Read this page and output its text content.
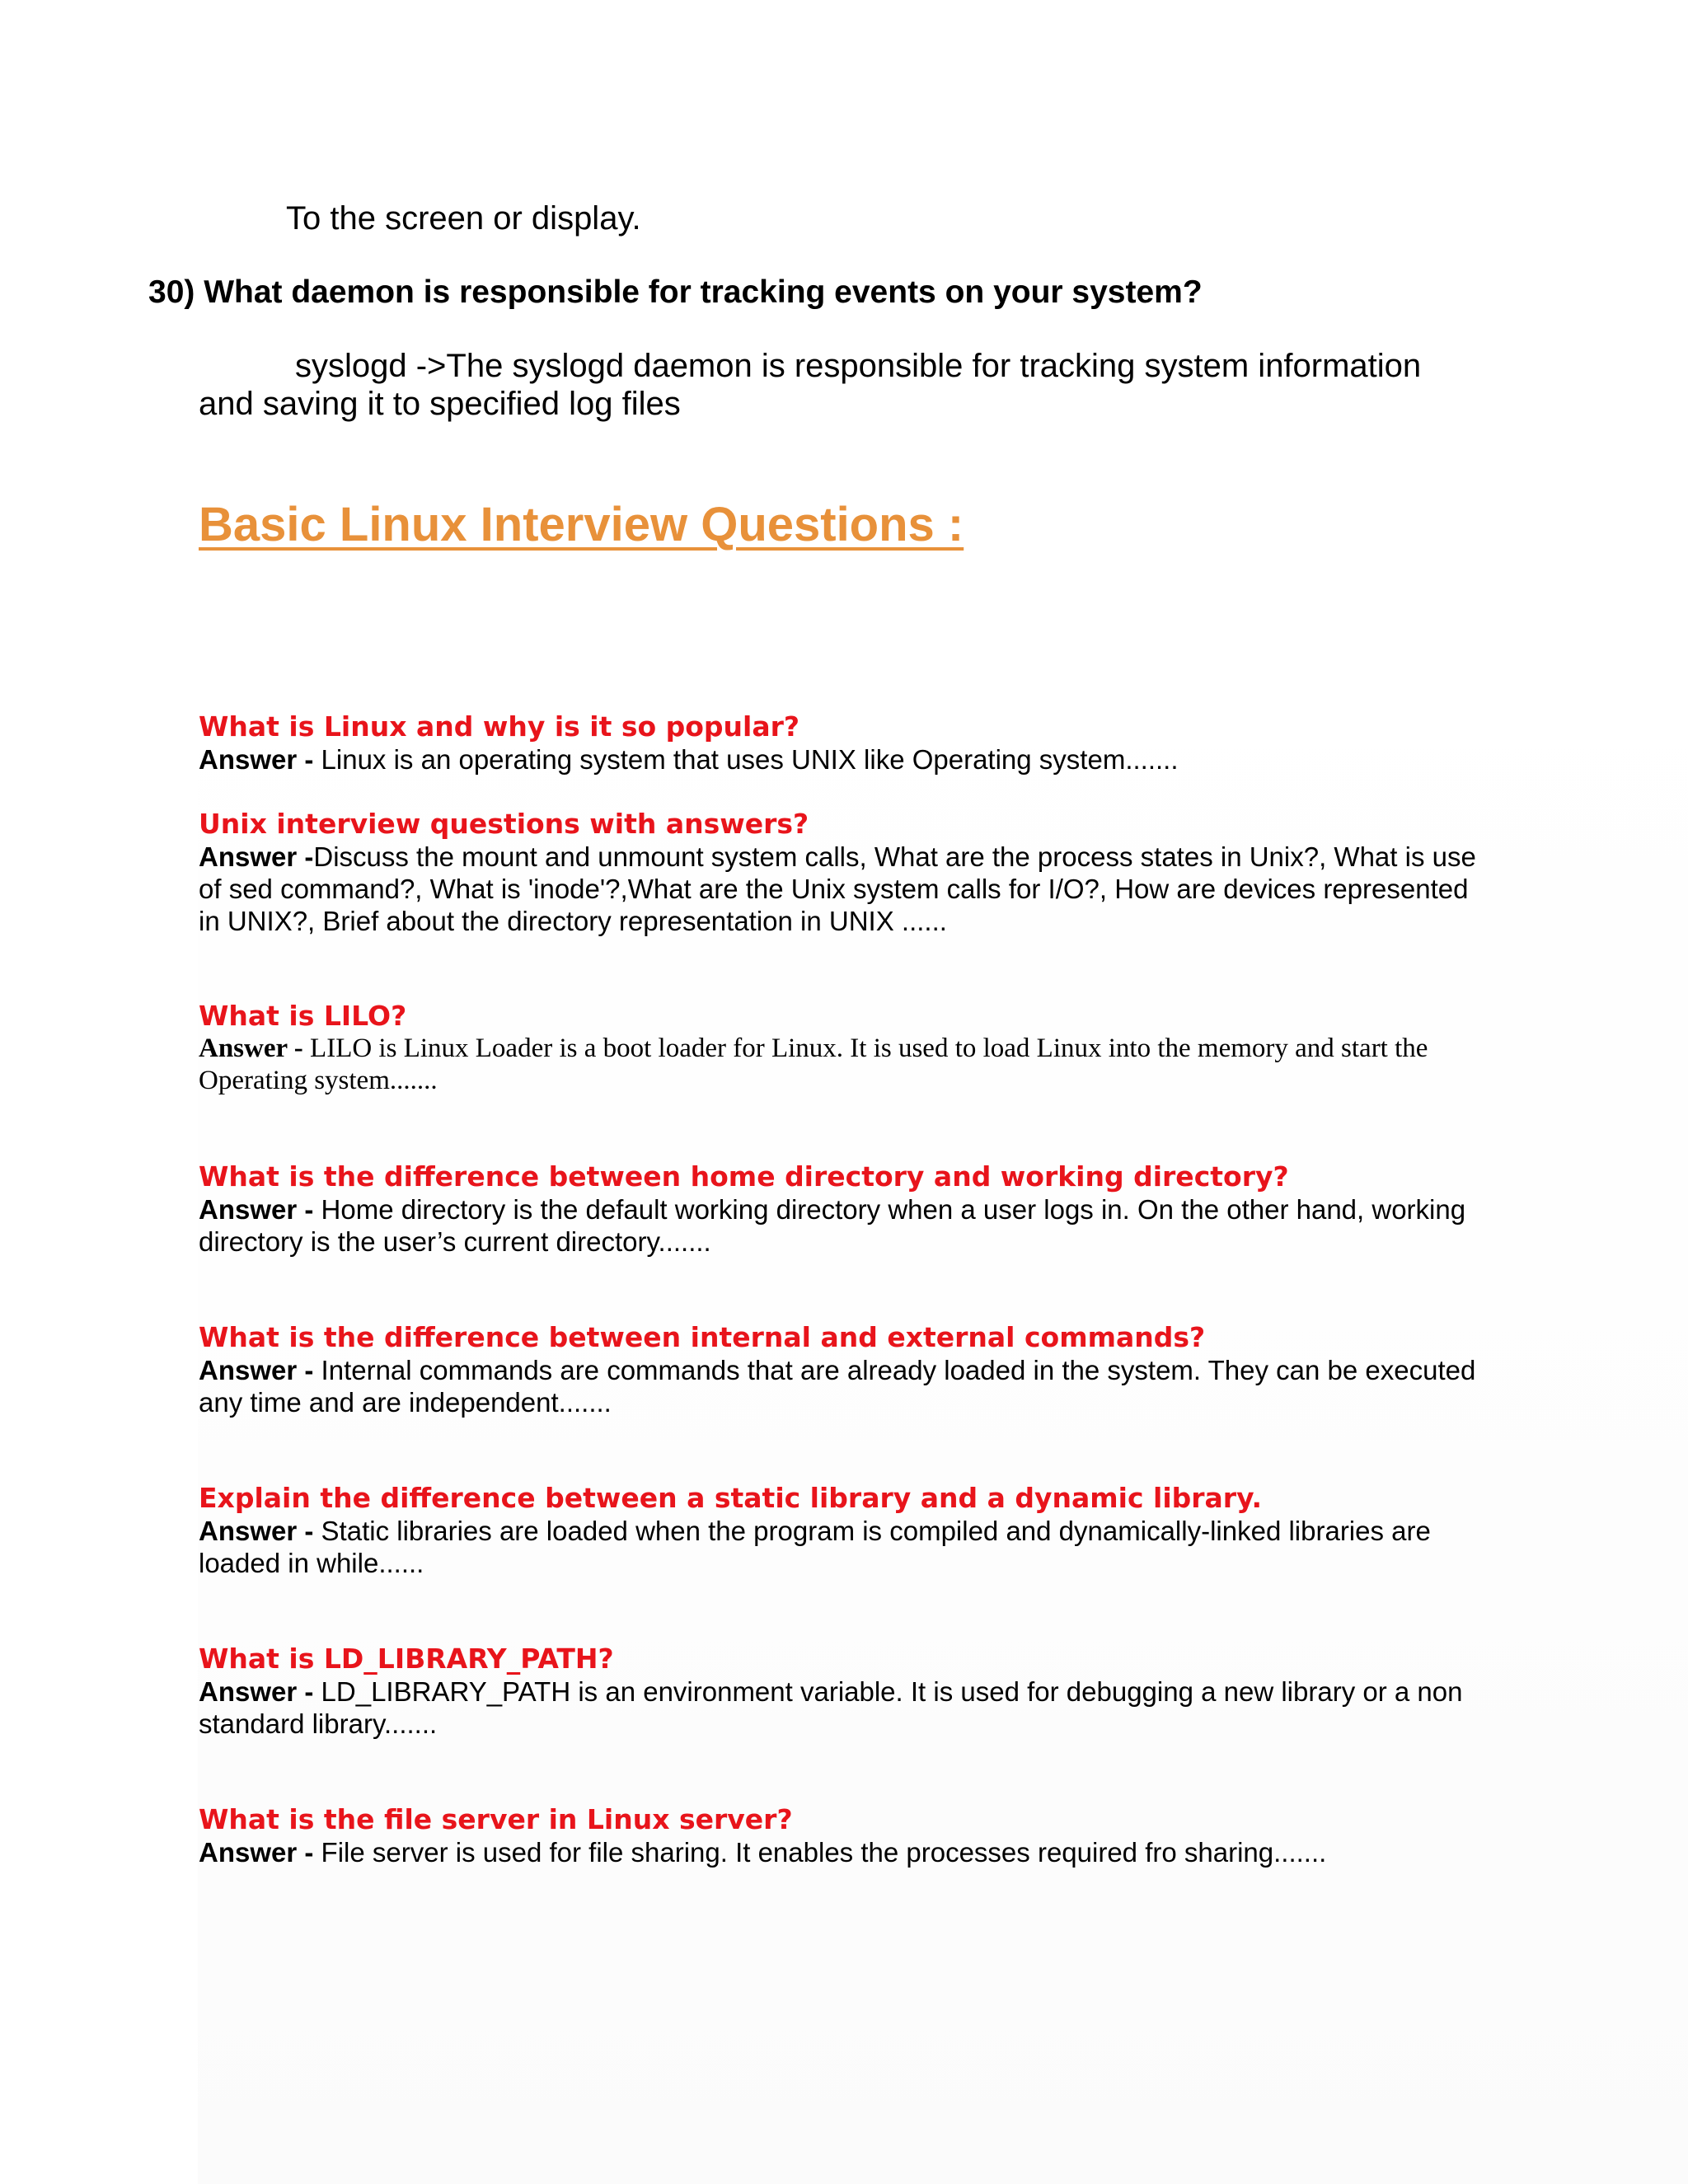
To the screen or display.
30) What daemon is responsible for tracking events on your system?
syslogd ->The syslogd daemon is responsible for tracking system information and saving it to specified log files
Basic Linux Interview Questions :
What is Linux and why is it so popular?
Answer - Linux is an operating system that uses UNIX like Operating system.......
Unix interview questions with answers?
Answer -Discuss the mount and unmount system calls, What are the process states in Unix?, What is use of sed command?, What is 'inode'?,What are the Unix system calls for I/O?, How are devices represented in UNIX?, Brief about the directory representation in UNIX ......
What is LILO?
Answer - LILO is Linux Loader is a boot loader for Linux. It is used to load Linux into the memory and start the Operating system.......
What is the difference between home directory and working directory?
Answer - Home directory is the default working directory when a user logs in. On the other hand, working directory is the user’s current directory.......
What is the difference between internal and external commands?
Answer - Internal commands are commands that are already loaded in the system. They can be executed any time and are independent.......
Explain the difference between a static library and a dynamic library.
Answer - Static libraries are loaded when the program is compiled and dynamically-linked libraries are loaded in while......
What is LD_LIBRARY_PATH?
Answer - LD_LIBRARY_PATH is an environment variable. It is used for debugging a new library or a non standard library.......
What is the file server in Linux server?
Answer - File server is used for file sharing. It enables the processes required fro sharing.......
